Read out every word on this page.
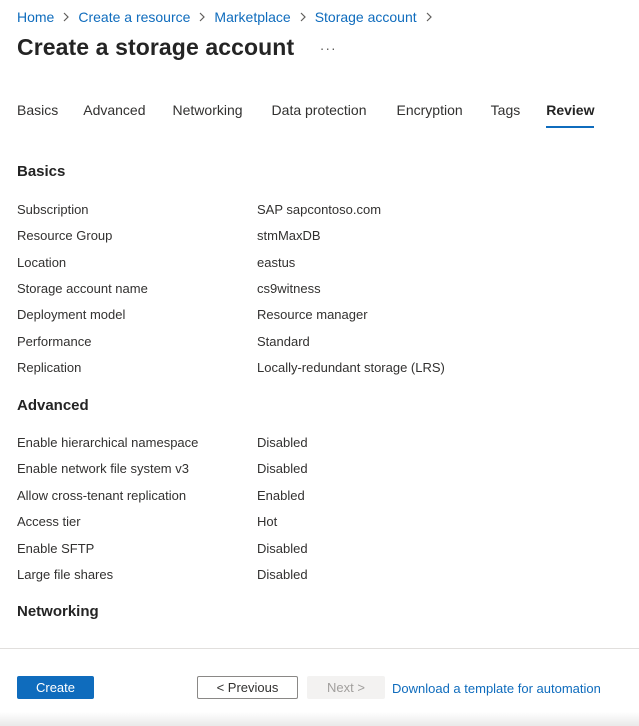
Home Create a resource Marketplace Storage account
Create a storage account ···
Basics Advanced Networking Data protection Encryption Tags Review
Basics
Subscription	SAP sapcontoso.com
Resource Group	stmMaxDB
Location	eastus
Storage account name	cs9witness
Deployment model	Resource manager
Performance	Standard
Replication	Locally-redundant storage (LRS)
Advanced
Enable hierarchical namespace	Disabled
Enable network file system v3	Disabled
Allow cross-tenant replication	Enabled
Access tier	Hot
Enable SFTP	Disabled
Large file shares	Disabled
Networking
Create	< Previous	Next >	Download a template for automation
